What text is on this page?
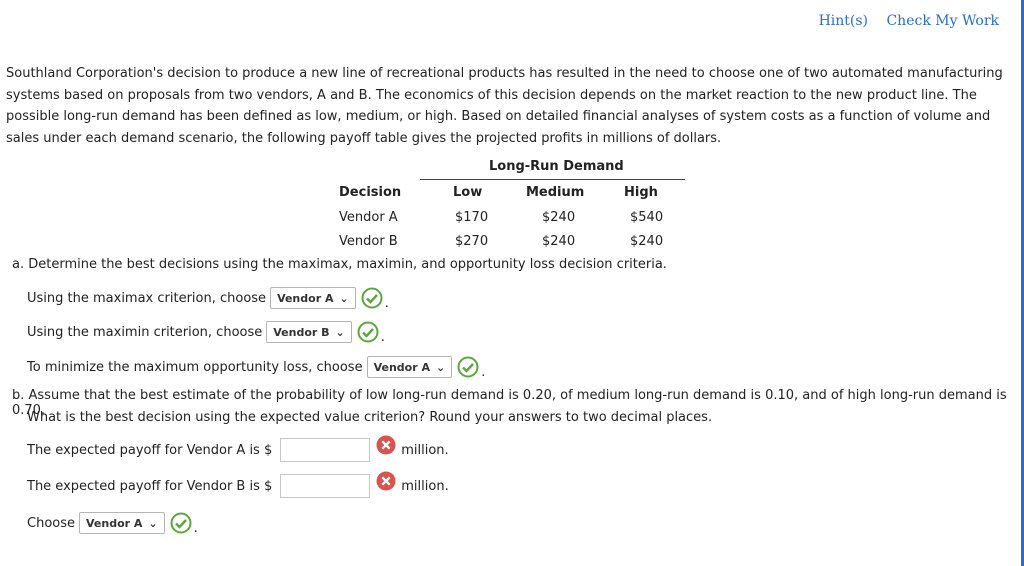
Hint(s) Check My Work
Southland Corporation's decision to produce a new line of recreational products has resulted in the need to choose one of two automated manufacturing systems based on proposals from two vendors, A and B. The economics of this decision depends on the market reaction to the new product line. The possible long-run demand has been defined as low, medium, or high. Based on detailed financial analyses of system costs as a function of volume and sales under each demand scenario, the following payoff table gives the projected profits in millions of dollars.
Long-Run Demand
Decision	Low	Medium	High
Vendor A	$170	$240	$540
Vendor B	$270	$240	$240
a. Determine the best decisions using the maximax, maximin, and opportunity loss decision criteria.
Using the maximax criterion, choose Vendor A ⌄	.
Using the maximin criterion, choose Vendor B ⌄	.
To minimize the maximum opportunity loss, choose Vendor A ⌄	.
b. Assume that the best estimate of the probability of low long-run demand is 0.20, of medium long-run demand is 0.10, and of high long-run demand is 0.70.
What is the best decision using the expected value criterion? Round your answers to two decimal places.
The expected payoff for Vendor A is $	million.
The expected payoff for Vendor B is $	million.
Choose Vendor A ⌄	.
